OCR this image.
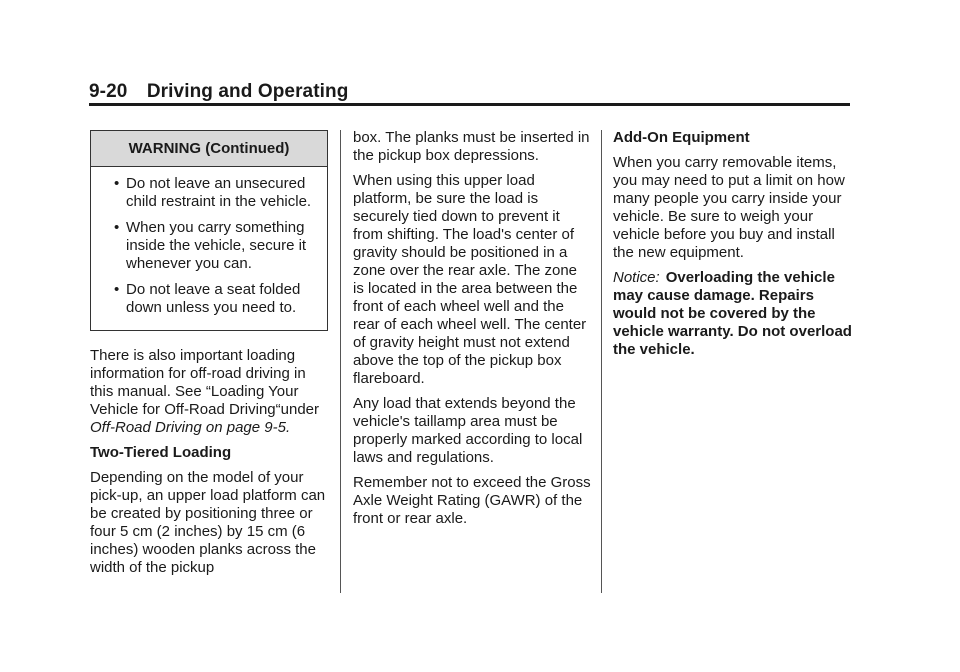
9-20 Driving and Operating
WARNING (Continued)
• Do not leave an unsecured child restraint in the vehicle.
• When you carry something inside the vehicle, secure it whenever you can.
• Do not leave a seat folded down unless you need to.

There is also important loading information for off-road driving in this manual. See “Loading Your Vehicle for Off-Road Driving“under Off-Road Driving on page 9-5.

Two-Tiered Loading

Depending on the model of your pick-up, an upper load platform can be created by positioning three or four 5 cm (2 inches) by 15 cm (6 inches) wooden planks across the width of the pickup

box. The planks must be inserted in the pickup box depressions.

When using this upper load platform, be sure the load is securely tied down to prevent it from shifting. The load's center of gravity should be positioned in a zone over the rear axle. The zone is located in the area between the front of each wheel well and the rear of each wheel well. The center of gravity height must not extend above the top of the pickup box flareboard.

Any load that extends beyond the vehicle's taillamp area must be properly marked according to local laws and regulations.

Remember not to exceed the Gross Axle Weight Rating (GAWR) of the front or rear axle.

Add-On Equipment

When you carry removable items, you may need to put a limit on how many people you carry inside your vehicle. Be sure to weigh your vehicle before you buy and install the new equipment.

Notice: Overloading the vehicle may cause damage. Repairs would not be covered by the vehicle warranty. Do not overload the vehicle.
